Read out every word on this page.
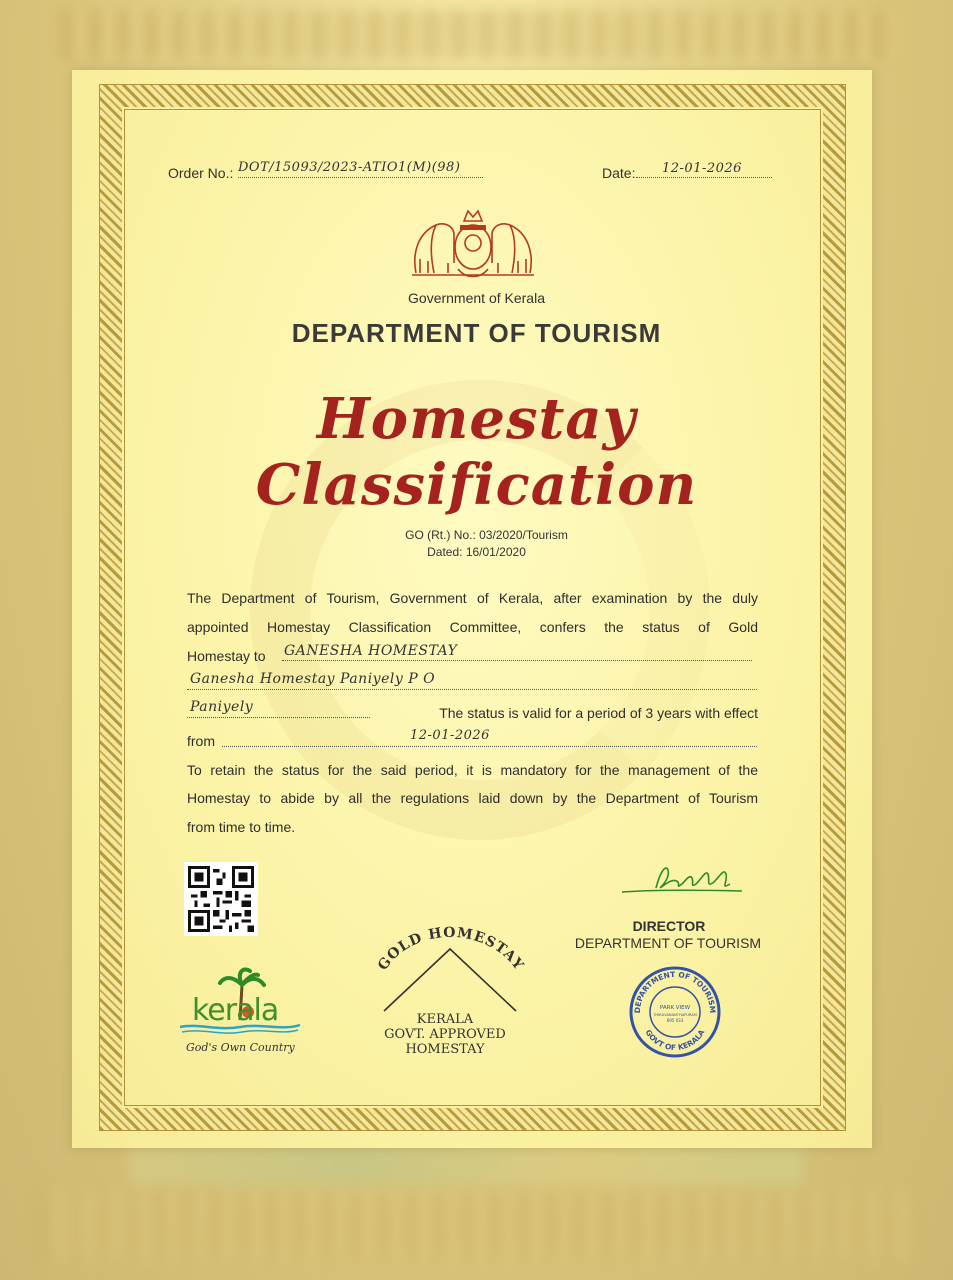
Order No.: DOT/15093/2023-ATIO1(M)(98)	Date: 12-01-2026
Government of Kerala
DEPARTMENT OF TOURISM
Homestay
Classification
GO (Rt.) No.: 03/2020/Tourism
Dated: 16/01/2020
The Department of Tourism, Government of Kerala, after examination by the duly
appointed Homestay Classification Committee, confers the status of Gold
Homestay to	GANESHA HOMESTAY
Ganesha Homestay Paniyely P O
Paniyely	The status is valid for a period of 3 years with effect
from	12-01-2026
To retain the status for the said period, it is mandatory for the management of the
Homestay to abide by all the regulations laid down by the Department of Tourism
from time to time.
kerala
God's Own Country
GOLD HOMESTAY
KERALA
GOVT. APPROVED
HOMESTAY
DIRECTOR
DEPARTMENT OF TOURISM
DEPARTMENT OF TOURISM
GOVT OF KERALA
PARK VIEW
THIRUVANANTHAPURAM
695 033
